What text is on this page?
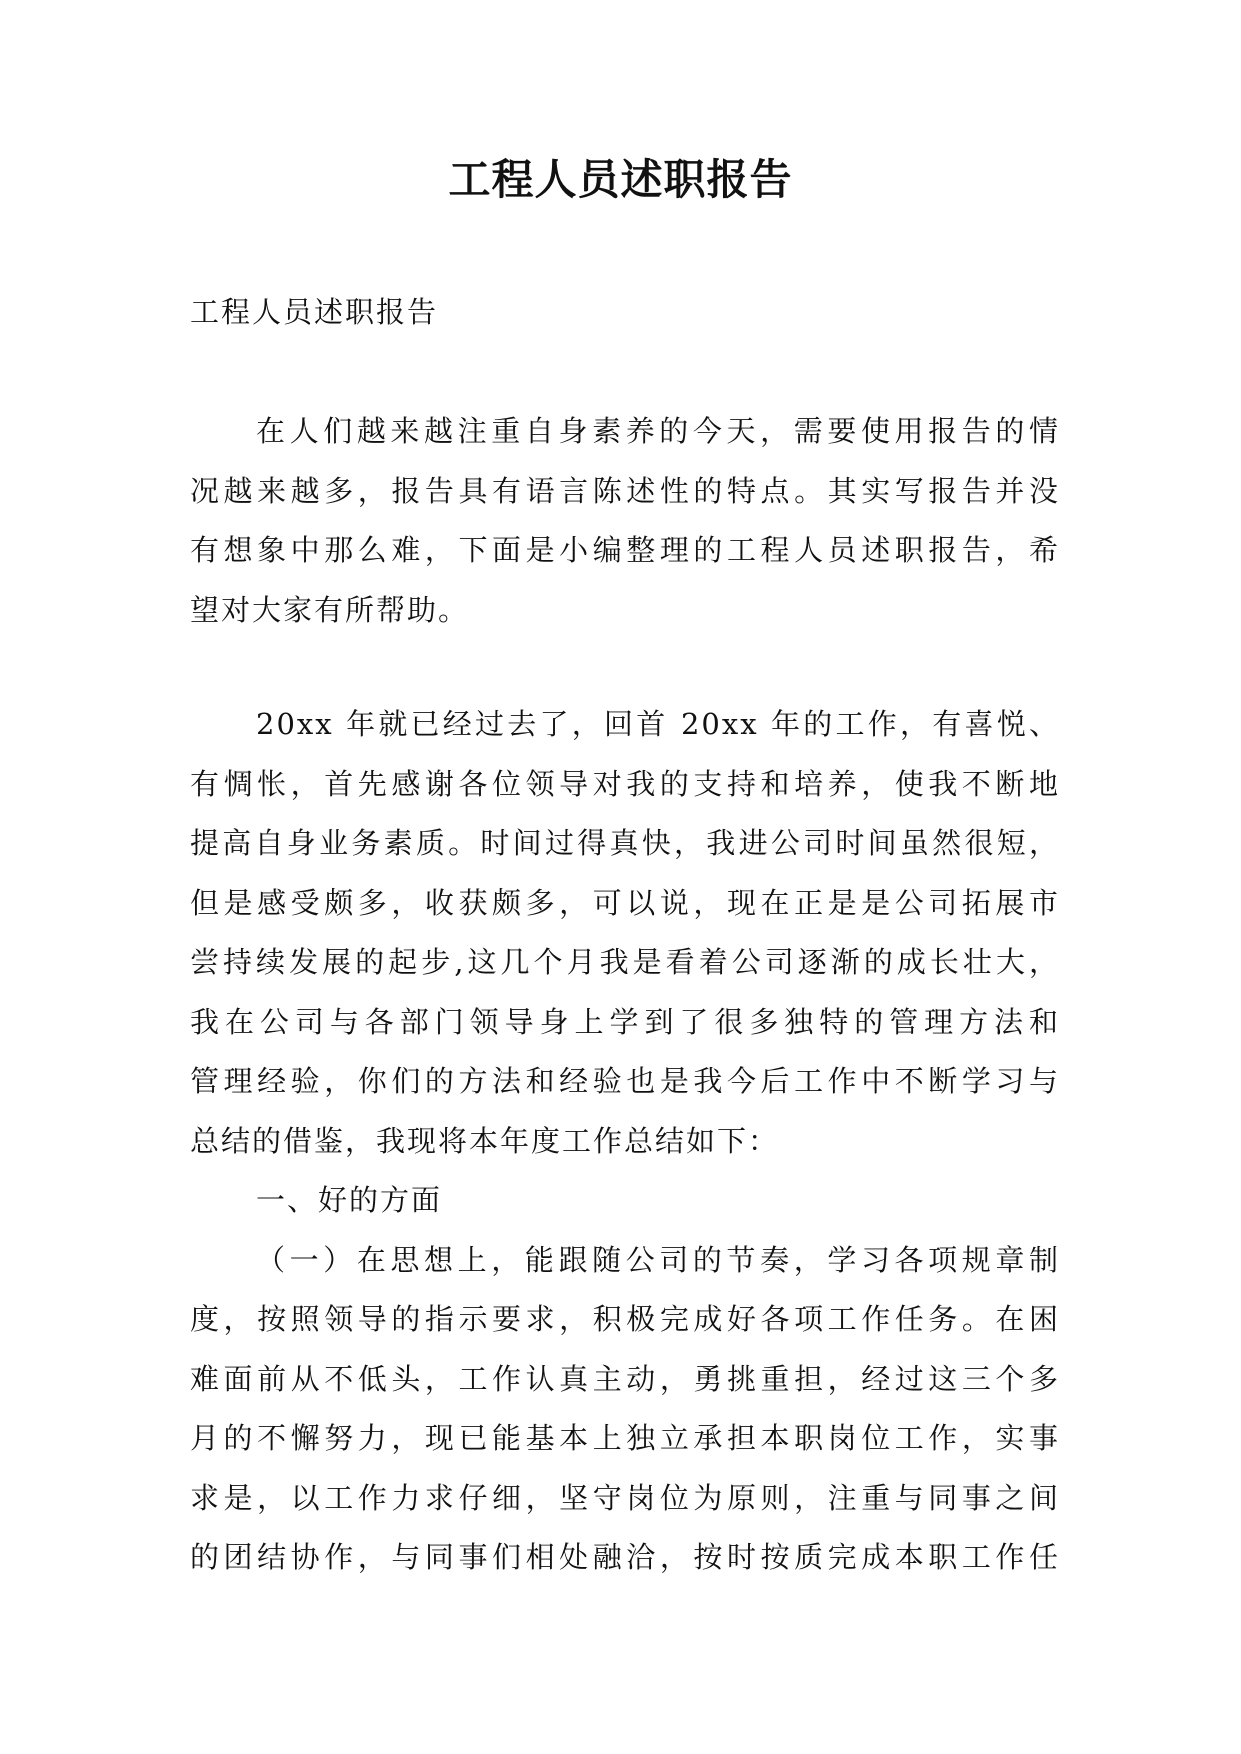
工程人员述职报告

工程人员述职报告

在人们越来越注重自身素养的今天，需要使用报告的情
况越来越多，报告具有语言陈述性的特点。其实写报告并没
有想象中那么难，下面是小编整理的工程人员述职报告，希
望对大家有所帮助。
20xx 年就已经过去了，回首 20xx 年的工作，有喜悦、
有惆怅，首先感谢各位领导对我的支持和培养，使我不断地
提高自身业务素质。时间过得真快，我进公司时间虽然很短，
但是感受颇多，收获颇多，可以说，现在正是是公司拓展市
尝持续发展的起步,这几个月我是看着公司逐渐的成长壮大，
我在公司与各部门领导身上学到了很多独特的管理方法和
管理经验，你们的方法和经验也是我今后工作中不断学习与
总结的借鉴，我现将本年度工作总结如下：
一、好的方面
（一）在思想上，能跟随公司的节奏，学习各项规章制
度，按照领导的指示要求，积极完成好各项工作任务。在困
难面前从不低头，工作认真主动，勇挑重担，经过这三个多
月的不懈努力，现已能基本上独立承担本职岗位工作，实事
求是，以工作力求仔细，坚守岗位为原则，注重与同事之间
的团结协作，与同事们相处融洽，按时按质完成本职工作任
